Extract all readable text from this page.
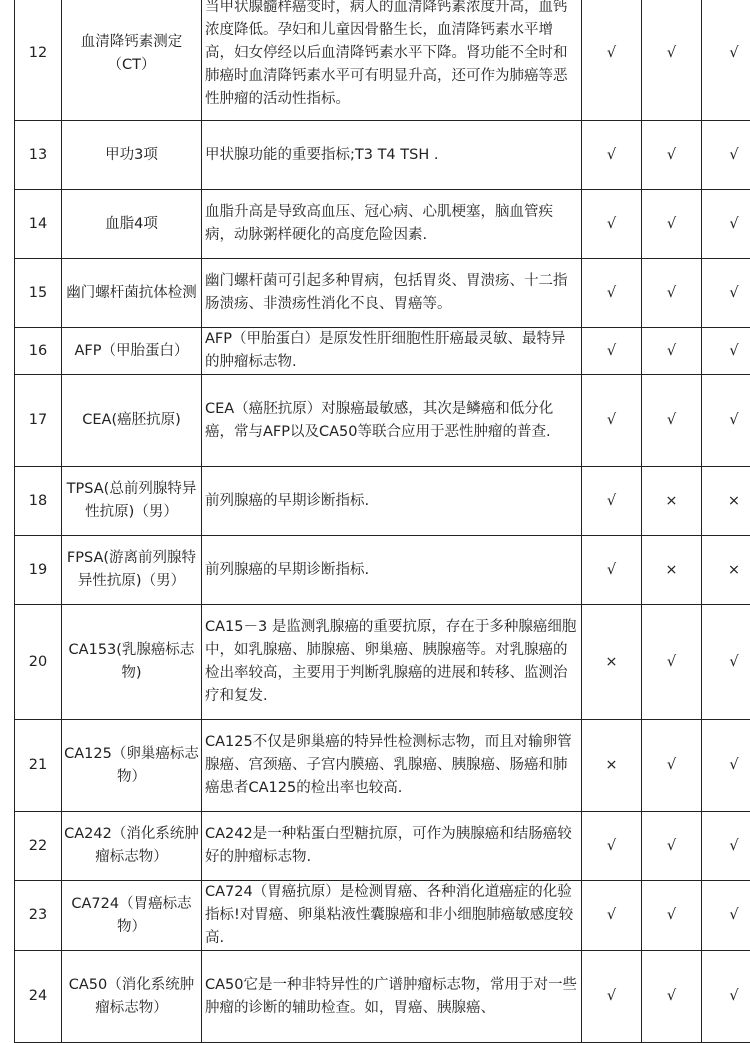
12	血清降钙素测定（CT）	当甲状腺髓样癌变时，病人的血清降钙素浓度升高，血钙浓度降低。孕妇和儿童因骨骼生长，血清降钙素水平增高，妇女停经以后血清降钙素水平下降。肾功能不全时和肺癌时血清降钙素水平可有明显升高，还可作为肺癌等恶性肿瘤的活动性指标。	√	√	√
13	甲功3项	甲状腺功能的重要指标;T3 T4 TSH .	√	√	√
14	血脂4项	血脂升高是导致高血压、冠心病、心肌梗塞，脑血管疾病，动脉粥样硬化的高度危险因素.	√	√	√
15	幽门螺杆菌抗体检测	幽门螺杆菌可引起多种胃病，包括胃炎、胃溃疡、十二指肠溃疡、非溃疡性消化不良、胃癌等。	√	√	√
16	AFP（甲胎蛋白）	AFP（甲胎蛋白）是原发性肝细胞性肝癌最灵敏、最特异的肿瘤标志物.	√	√	√
17	CEA(癌胚抗原)	CEA（癌胚抗原）对腺癌最敏感，其次是鳞癌和低分化癌，常与AFP以及CA50等联合应用于恶性肿瘤的普查.	√	√	√
18	TPSA(总前列腺特异性抗原)（男）	前列腺癌的早期诊断指标.	√	×	×
19	FPSA(游离前列腺特异性抗原)（男）	前列腺癌的早期诊断指标.	√	×	×
20	CA153(乳腺癌标志物)	CA15－3 是监测乳腺癌的重要抗原，存在于多种腺癌细胞中，如乳腺癌、肺腺癌、卵巢癌、胰腺癌等。对乳腺癌的检出率较高，主要用于判断乳腺癌的进展和转移、监测治疗和复发.	×	√	√
21	CA125（卵巢癌标志物）	CA125不仅是卵巢癌的特异性检测标志物，而且对输卵管腺癌、宫颈癌、子宫内膜癌、乳腺癌、胰腺癌、肠癌和肺癌患者CA125的检出率也较高.	×	√	√
22	CA242（消化系统肿瘤标志物）	CA242是一种粘蛋白型糖抗原，可作为胰腺癌和结肠癌较好的肿瘤标志物.	√	√	√
23	CA724（胃癌标志物）	CA724（胃癌抗原）是检测胃癌、各种消化道癌症的化验指标!对胃癌、卵巢粘液性囊腺癌和非小细胞肺癌敏感度较高.	√	√	√
24	CA50（消化系统肿瘤标志物）	CA50它是一种非特异性的广谱肿瘤标志物，常用于对一些肿瘤的诊断的辅助检查。如，胃癌、胰腺癌、	√	√	√
